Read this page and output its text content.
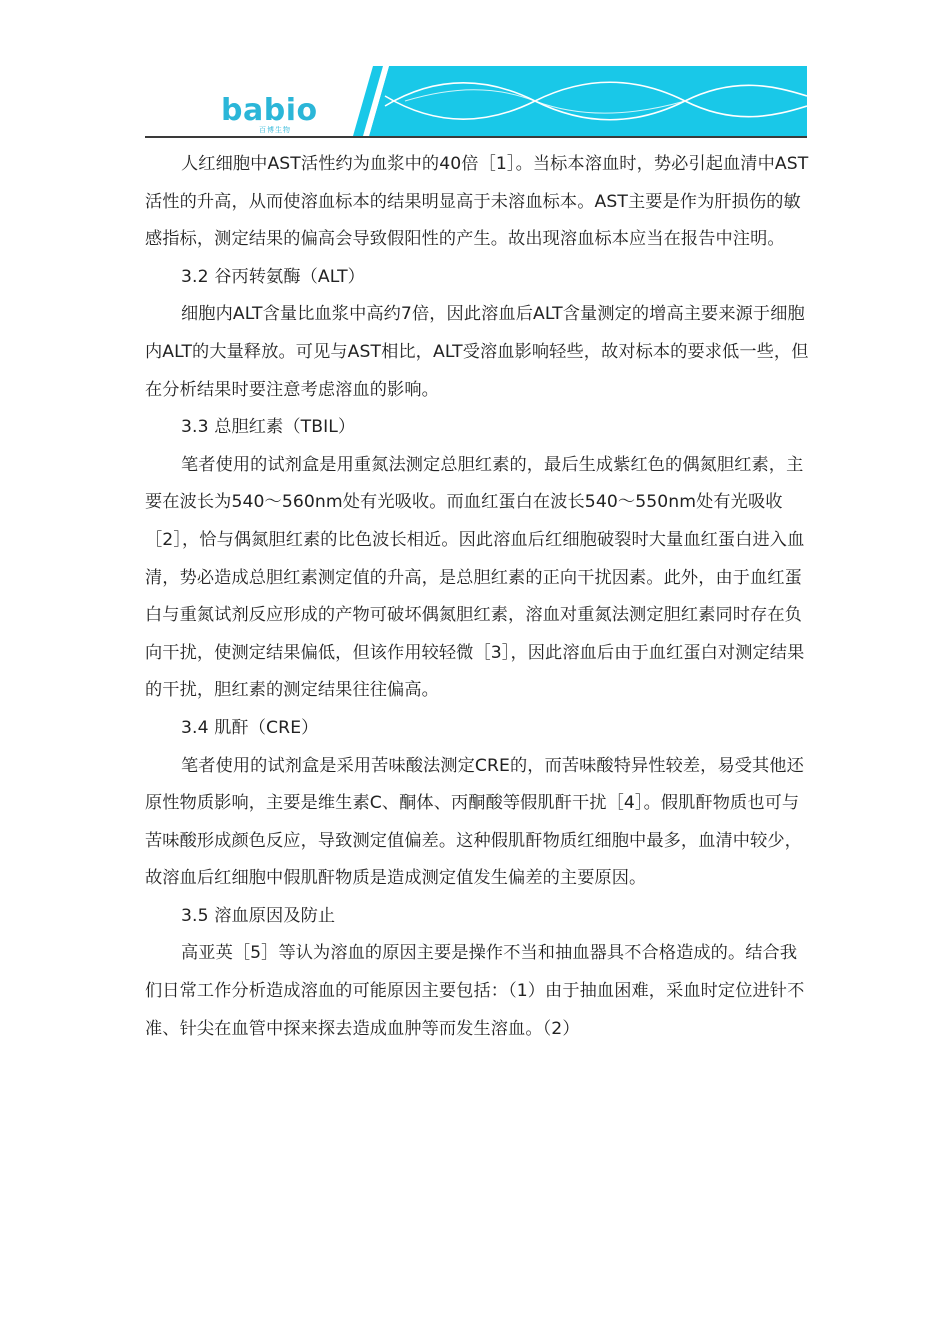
babio
百博生物

人红细胞中AST活性约为血浆中的40倍［1］。当标本溶血时，势必引起血清中AST活性的升高，从而使溶血标本的结果明显高于未溶血标本。AST主要是作为肝损伤的敏感指标，测定结果的偏高会导致假阳性的产生。故出现溶血标本应当在报告中注明。

3.2 谷丙转氨酶（ALT）

细胞内ALT含量比血浆中高约7倍，因此溶血后ALT含量测定的增高主要来源于细胞内ALT的大量释放。可见与AST相比，ALT受溶血影响轻些，故对标本的要求低一些，但在分析结果时要注意考虑溶血的影响。

3.3 总胆红素（TBIL）

笔者使用的试剂盒是用重氮法测定总胆红素的，最后生成紫红色的偶氮胆红素，主要在波长为540～560nm处有光吸收。而血红蛋白在波长540～550nm处有光吸收［2］，恰与偶氮胆红素的比色波长相近。因此溶血后红细胞破裂时大量血红蛋白进入血清，势必造成总胆红素测定值的升高，是总胆红素的正向干扰因素。此外，由于血红蛋白与重氮试剂反应形成的产物可破坏偶氮胆红素，溶血对重氮法测定胆红素同时存在负向干扰，使测定结果偏低，但该作用较轻微［3］，因此溶血后由于血红蛋白对测定结果的干扰，胆红素的测定结果往往偏高。

3.4 肌酐（CRE）

笔者使用的试剂盒是采用苦味酸法测定CRE的，而苦味酸特异性较差，易受其他还原性物质影响，主要是维生素C、酮体、丙酮酸等假肌酐干扰［4］。假肌酐物质也可与苦味酸形成颜色反应，导致测定值偏差。这种假肌酐物质红细胞中最多，血清中较少，故溶血后红细胞中假肌酐物质是造成测定值发生偏差的主要原因。

3.5 溶血原因及防止

高亚英［5］等认为溶血的原因主要是操作不当和抽血器具不合格造成的。结合我们日常工作分析造成溶血的可能原因主要包括：（1）由于抽血困难，采血时定位进针不准、针尖在血管中探来探去造成血肿等而发生溶血。（2）
